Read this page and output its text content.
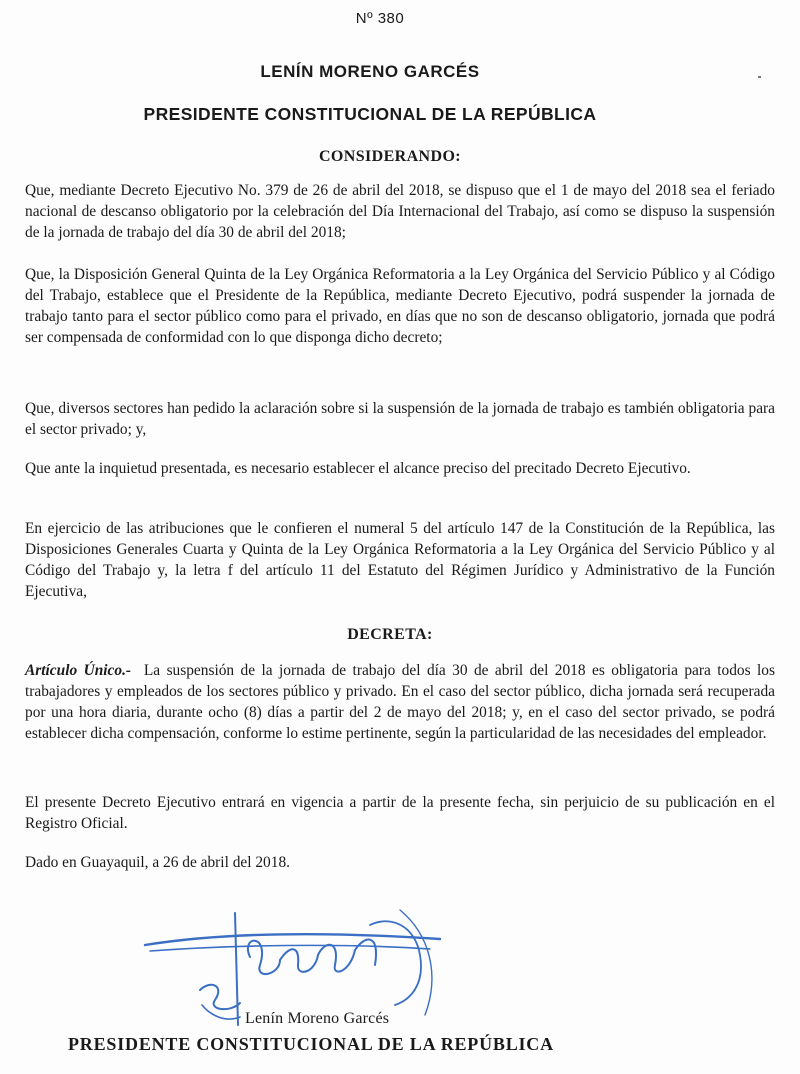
Nº 380
LENÍN MORENO GARCÉS
PRESIDENTE CONSTITUCIONAL DE LA REPÚBLICA
CONSIDERANDO:

Que, mediante Decreto Ejecutivo No. 379 de 26 de abril del 2018, se dispuso que el 1 de mayo del 2018 sea el feriado nacional de descanso obligatorio por la celebración del Día Internacional del Trabajo, así como se dispuso la suspensión de la jornada de trabajo del día 30 de abril del 2018;

Que, la Disposición General Quinta de la Ley Orgánica Reformatoria a la Ley Orgánica del Servicio Público y al Código del Trabajo, establece que el Presidente de la República, mediante Decreto Ejecutivo, podrá suspender la jornada de trabajo tanto para el sector público como para el privado, en días que no son de descanso obligatorio, jornada que podrá ser compensada de conformidad con lo que disponga dicho decreto;

Que, diversos sectores han pedido la aclaración sobre si la suspensión de la jornada de trabajo es también obligatoria para el sector privado; y,

Que ante la inquietud presentada, es necesario establecer el alcance preciso del precitado Decreto Ejecutivo.

En ejercicio de las atribuciones que le confieren el numeral 5 del artículo 147 de la Constitución de la República, las Disposiciones Generales Cuarta y Quinta de la Ley Orgánica Reformatoria a la Ley Orgánica del Servicio Público y al Código del Trabajo y, la letra f del artículo 11 del Estatuto del Régimen Jurídico y Administrativo de la Función Ejecutiva,

DECRETA:

Artículo Único.- La suspensión de la jornada de trabajo del día 30 de abril del 2018 es obligatoria para todos los trabajadores y empleados de los sectores público y privado. En el caso del sector público, dicha jornada será recuperada por una hora diaria, durante ocho (8) días a partir del 2 de mayo del 2018; y, en el caso del sector privado, se podrá establecer dicha compensación, conforme lo estime pertinente, según la particularidad de las necesidades del empleador.

El presente Decreto Ejecutivo entrará en vigencia a partir de la presente fecha, sin perjuicio de su publicación en el Registro Oficial.

Dado en Guayaquil, a 26 de abril del 2018.

Lenín Moreno Garcés
PRESIDENTE CONSTITUCIONAL DE LA REPÚBLICA
